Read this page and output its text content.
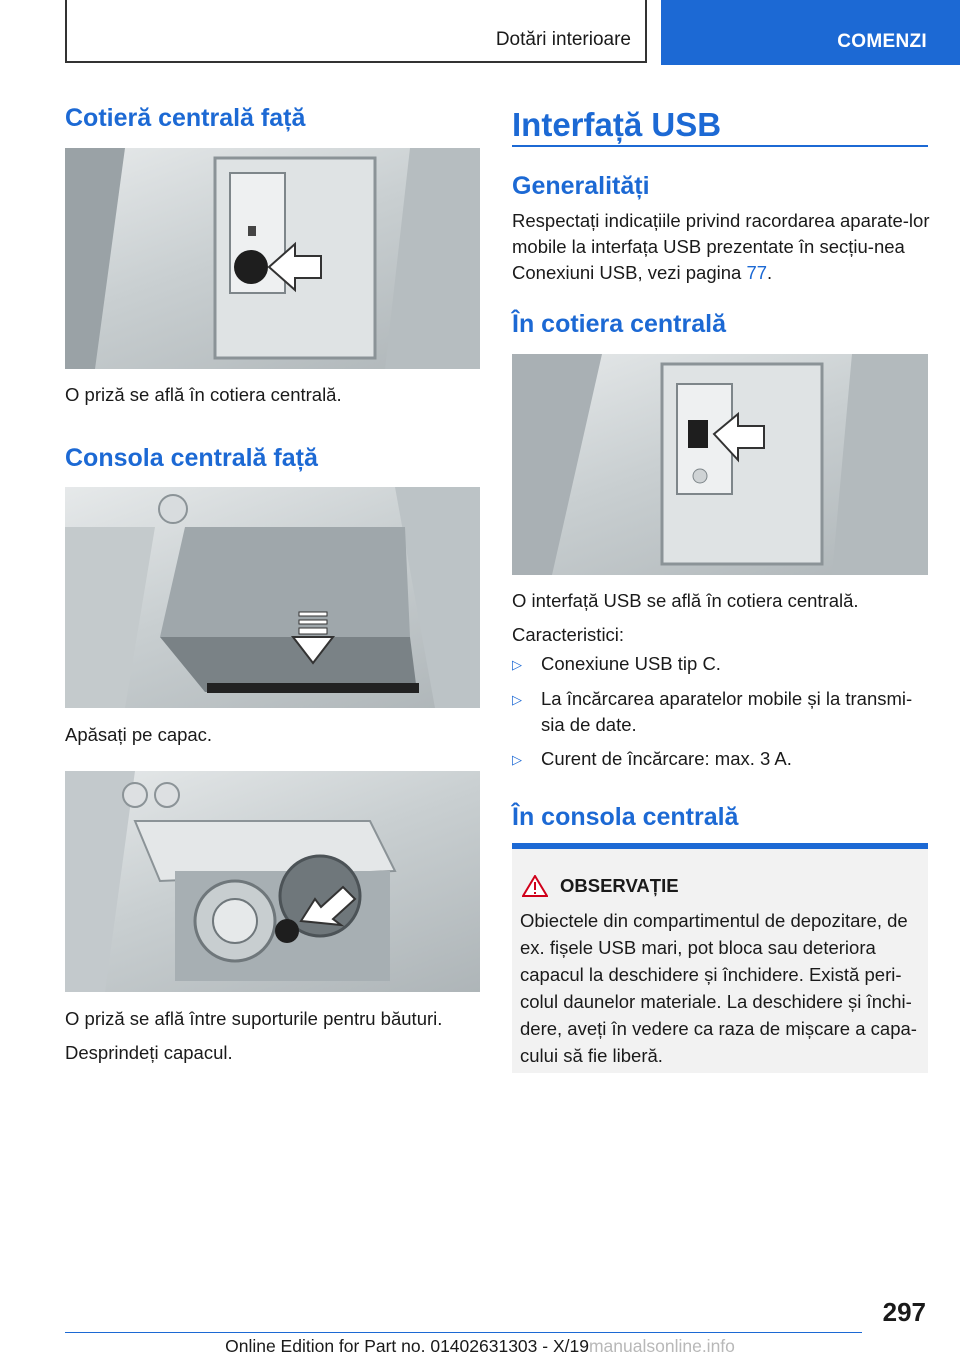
Dotări interioare	COMENZI
Cotieră centrală față
O priză se află în cotiera centrală.
Consola centrală față
Apăsați pe capac.
O priză se află între suporturile pentru băuturi.
Desprindeți capacul.
Interfață USB
Generalități
Respectați indicațiile privind racordarea aparate-lor mobile la interfața USB prezentate în secțiu-nea Conexiuni USB, vezi pagina 77.
În cotiera centrală
O interfață USB se află în cotiera centrală.
Caracteristici:
▷	Conexiune USB tip C.
▷	La încărcarea aparatelor mobile și la transmi-sia de date.
▷	Curent de încărcare: max. 3 A.
În consola centrală
OBSERVAȚIE
Obiectele din compartimentul de depozitare, de ex. fișele USB mari, pot bloca sau deteriora capacul la deschidere și închidere. Există peri-colul daunelor materiale. La deschidere și închi-dere, aveți în vedere ca raza de mișcare a capa-cului să fie liberă.
297
Online Edition for Part no. 01402631303 - X/19manualsonline.info
